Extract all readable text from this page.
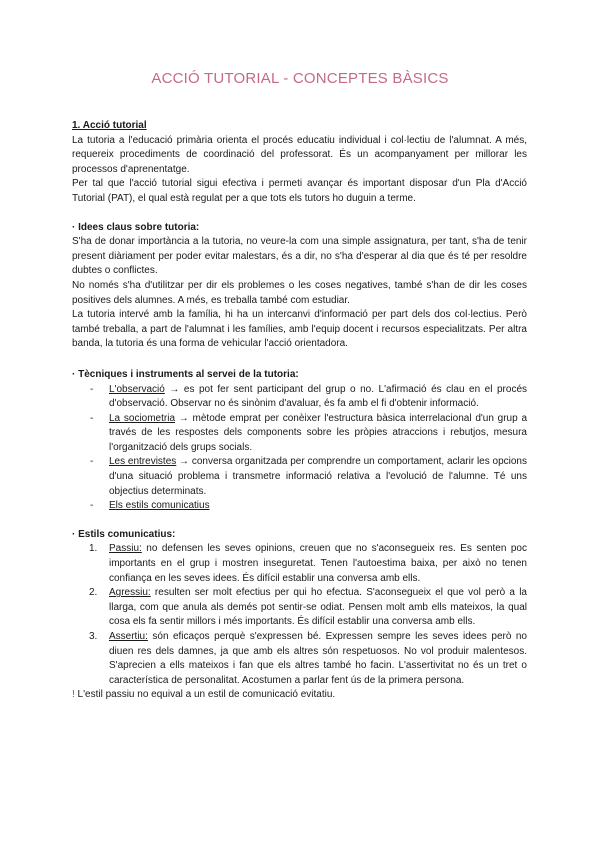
ACCIÓ TUTORIAL - CONCEPTES BÀSICS

1. Acció tutorial

La tutoria a l'educació primària orienta el procés educatiu individual i col·lectiu de l'alumnat. A més, requereix procediments de coordinació del professorat. És un acompanyament per millorar les processos d'aprenentatge.

Per tal que l'acció tutorial sigui efectiva i permeti avançar és important disposar d'un Pla d'Acció Tutorial (PAT), el qual està regulat per a que tots els tutors ho duguin a terme.

· Idees claus sobre tutoria:

S'ha de donar importància a la tutoria, no veure-la com una simple assignatura, per tant, s'ha de tenir present diàriament per poder evitar malestars, és a dir, no s'ha d'esperar al dia que és té per resoldre dubtes o conflictes.

No només s'ha d'utilitzar per dir els problemes o les coses negatives, també s'han de dir les coses positives dels alumnes. A més, es treballa també com estudiar.

La tutoria intervé amb la família, hi ha un intercanvi d'informació per part dels dos col·lectius. Però també treballa, a part de l'alumnat i les famílies, amb l'equip docent i recursos especialitzats. Per altra banda, la tutoria és una forma de vehicular l'acció orientadora.

· Tècniques i instruments al servei de la tutoria:

- L'observació → es pot fer sent participant del grup o no. L'afirmació és clau en el procés d'observació. Observar no és sinònim d'avaluar, és fa amb el fi d'obtenir informació.
- La sociometria → mètode emprat per conèixer l'estructura bàsica interrelacional d'un grup a través de les respostes dels components sobre les pròpies atraccions i rebutjos, mesura l'organització dels grups socials.
- Les entrevistes → conversa organitzada per comprendre un comportament, aclarir les opcions d'una situació problema i transmetre informació relativa a l'evolució de l'alumne. Té uns objectius determinats.
- Els estils comunicatius

· Estils comunicatius:

1. Passiu: no defensen les seves opinions, creuen que no s'aconsegueix res. Es senten poc importants en el grup i mostren inseguretat. Tenen l'autoestima baixa, per això no tenen confiança en les seves idees. És difícil establir una conversa amb ells.
2. Agressiu: resulten ser molt efectius per qui ho efectua. S'aconsegueix el que vol però a la llarga, com que anula als demés pot sentir-se odiat. Pensen molt amb ells mateixos, la qual cosa els fa sentir millors i més importants. És difícil establir una conversa amb ells.
3. Assertiu: són eficaços perquè s'expressen bé. Expressen sempre les seves idees però no diuen res dels damnes, ja que amb els altres són respetuosos. No vol produir malentesos. S'aprecien a ells mateixos i fan que els altres també ho facin. L'assertivitat no és un tret o característica de personalitat. Acostumen a parlar fent ús de la primera persona.

! L'estil passiu no equival a un estil de comunicació evitatiu.
